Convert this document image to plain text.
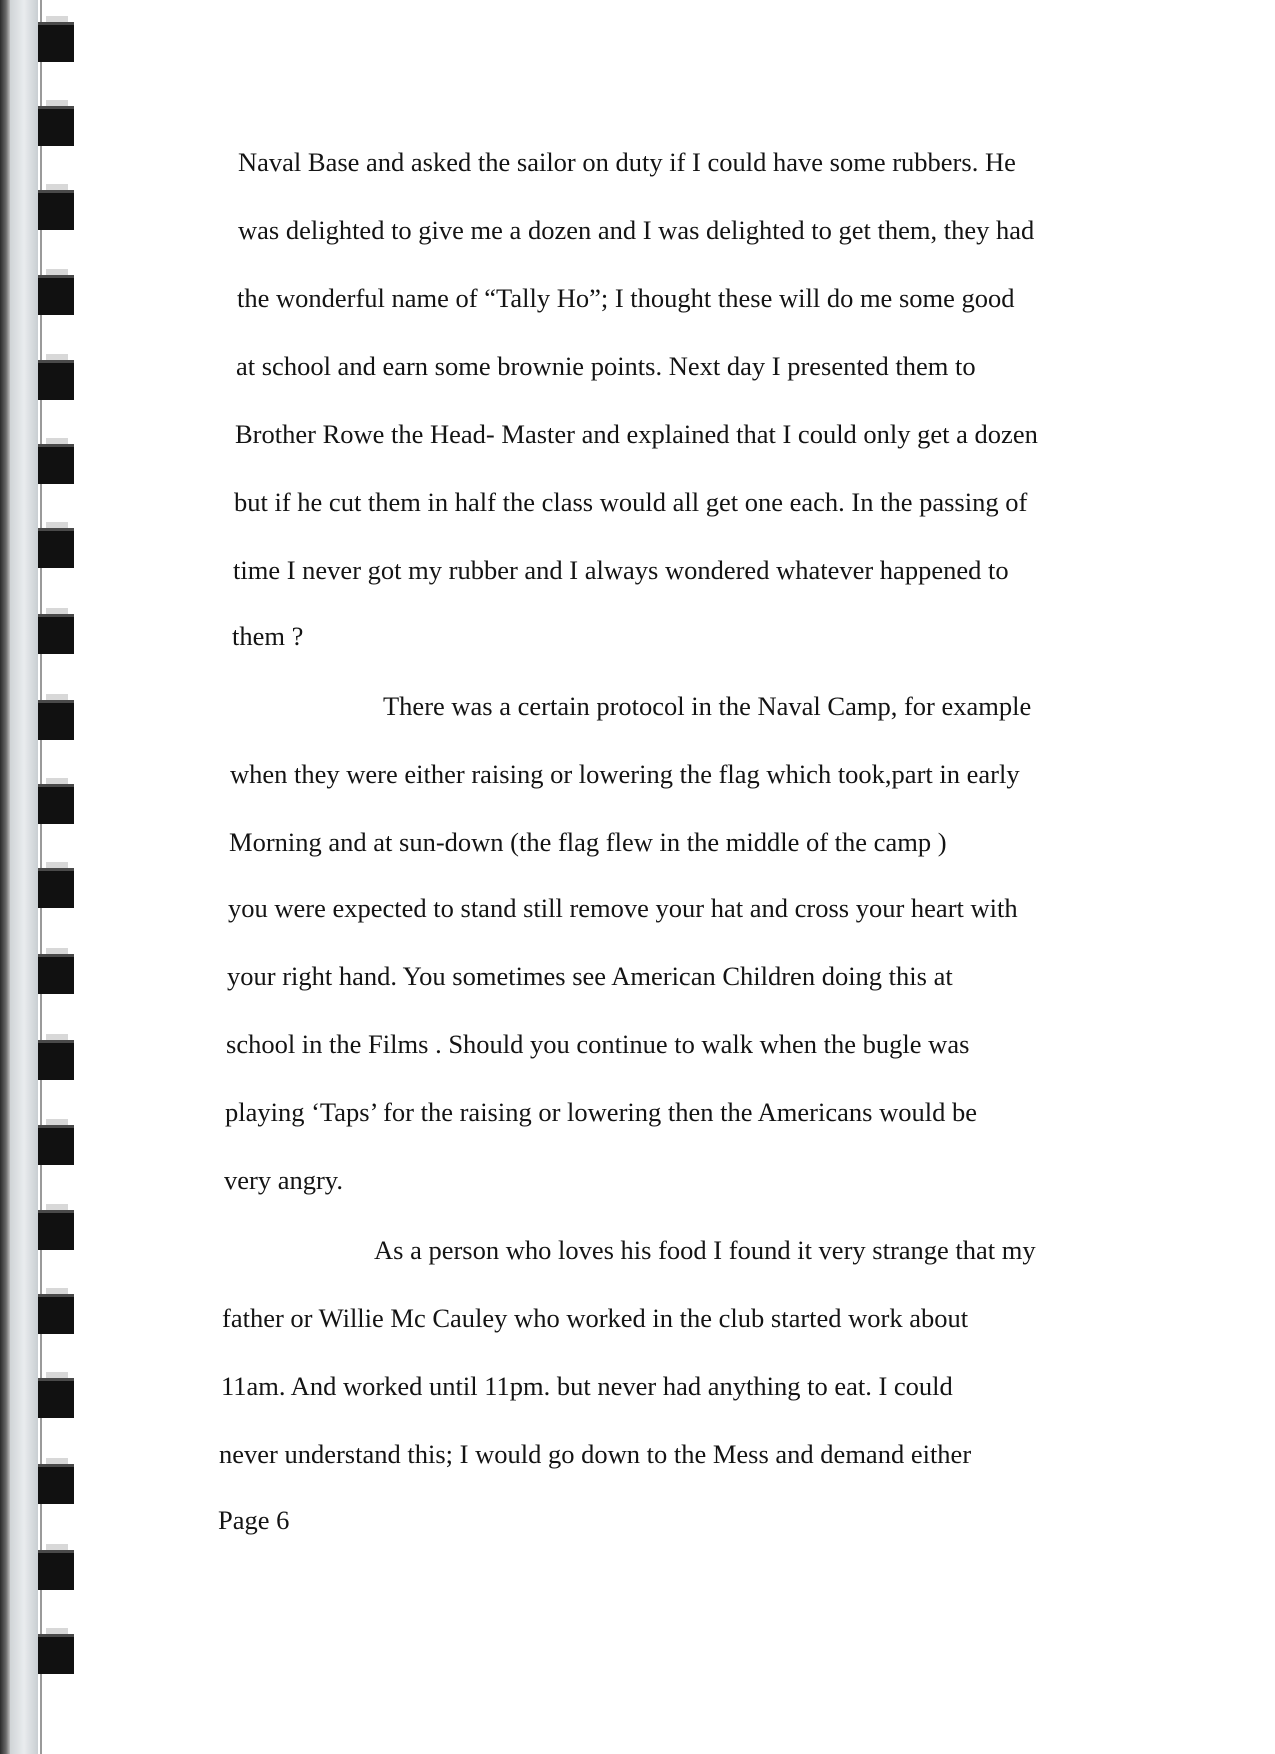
Naval Base and asked the sailor on duty if I could have some rubbers. He
was delighted to give me a dozen and I was delighted to get them, they had
the wonderful name of “Tally Ho”; I thought these will do me some good
at school and earn some brownie points. Next day I presented them to
Brother Rowe the Head- Master and explained that I could only get a dozen
but if he cut them in half the class would all get one each. In the passing of
time I never got my rubber and I always wondered whatever happened to
them ?
There was a certain protocol in the Naval Camp, for example
when they were either raising or lowering the flag which took,part in early
Morning and at sun-down (the flag flew in the middle of the camp )
you were expected to stand still remove your hat and cross your heart with
your right hand. You sometimes see American Children doing this at
school in the Films . Should you continue to walk when the bugle was
playing ‘Taps’ for the raising or lowering then the Americans would be
very angry.
As a person who loves his food I found it very strange that my
father or Willie Mc Cauley who worked in the club started work about
11am. And worked until 11pm. but never had anything to eat. I could
never understand this; I would go down to the Mess and demand either
Page 6
